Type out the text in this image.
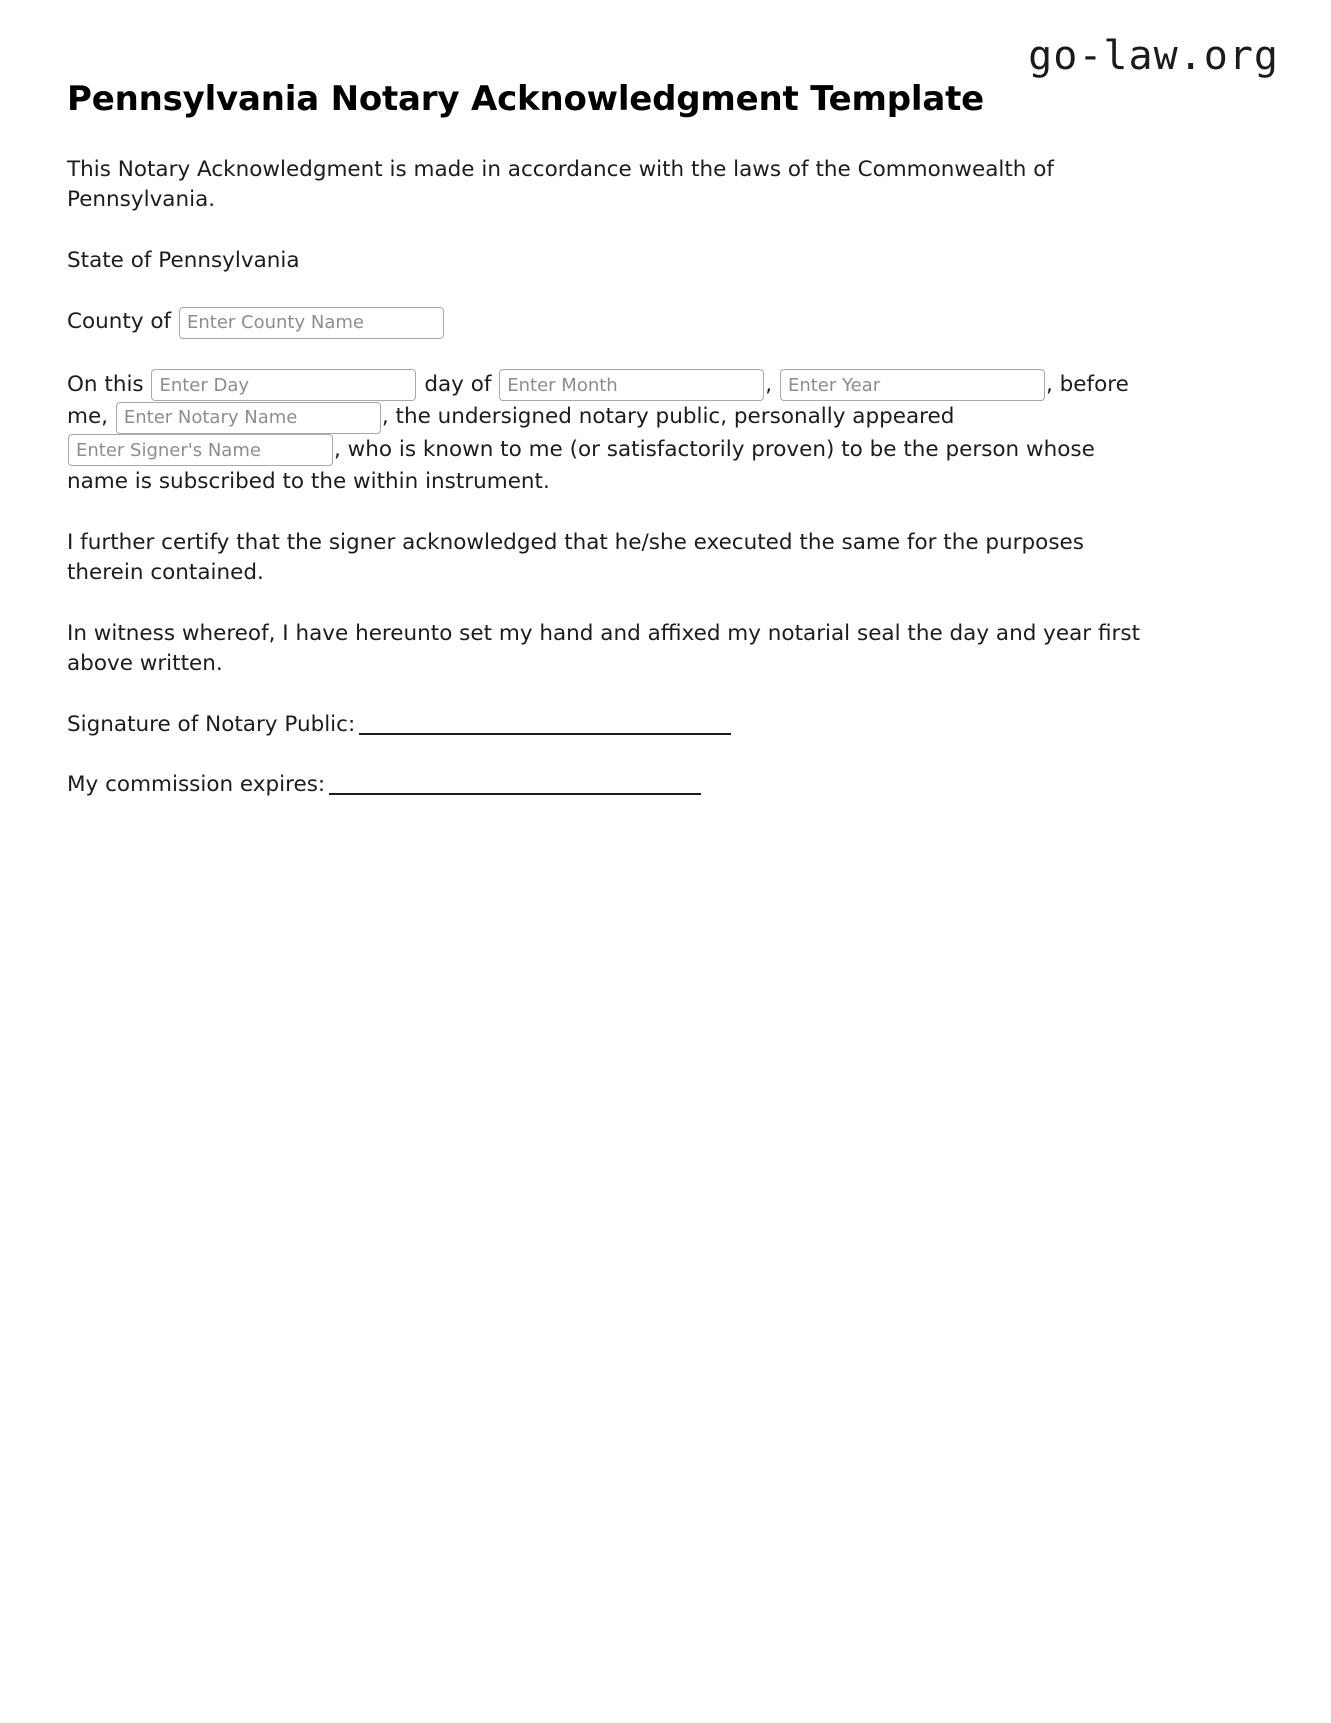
go-law.org
Pennsylvania Notary Acknowledgment Template

This Notary Acknowledgment is made in accordance with the laws of the Commonwealth of Pennsylvania.

State of Pennsylvania

County of Enter County Name
On this Enter Day	day of Enter Month	, Enter Year	, before me, Enter Notary Name	, the undersigned notary public, personally appeared Enter Signer's Name, who is known to me (or satisfactorily proven) to be the person whose name is subscribed to the within instrument.

I further certify that the signer acknowledged that he/she executed the same for the purposes therein contained.

In witness whereof, I have hereunto set my hand and affixed my notarial seal the day and year first above written.

Signature of Notary Public:
My commission expires:
